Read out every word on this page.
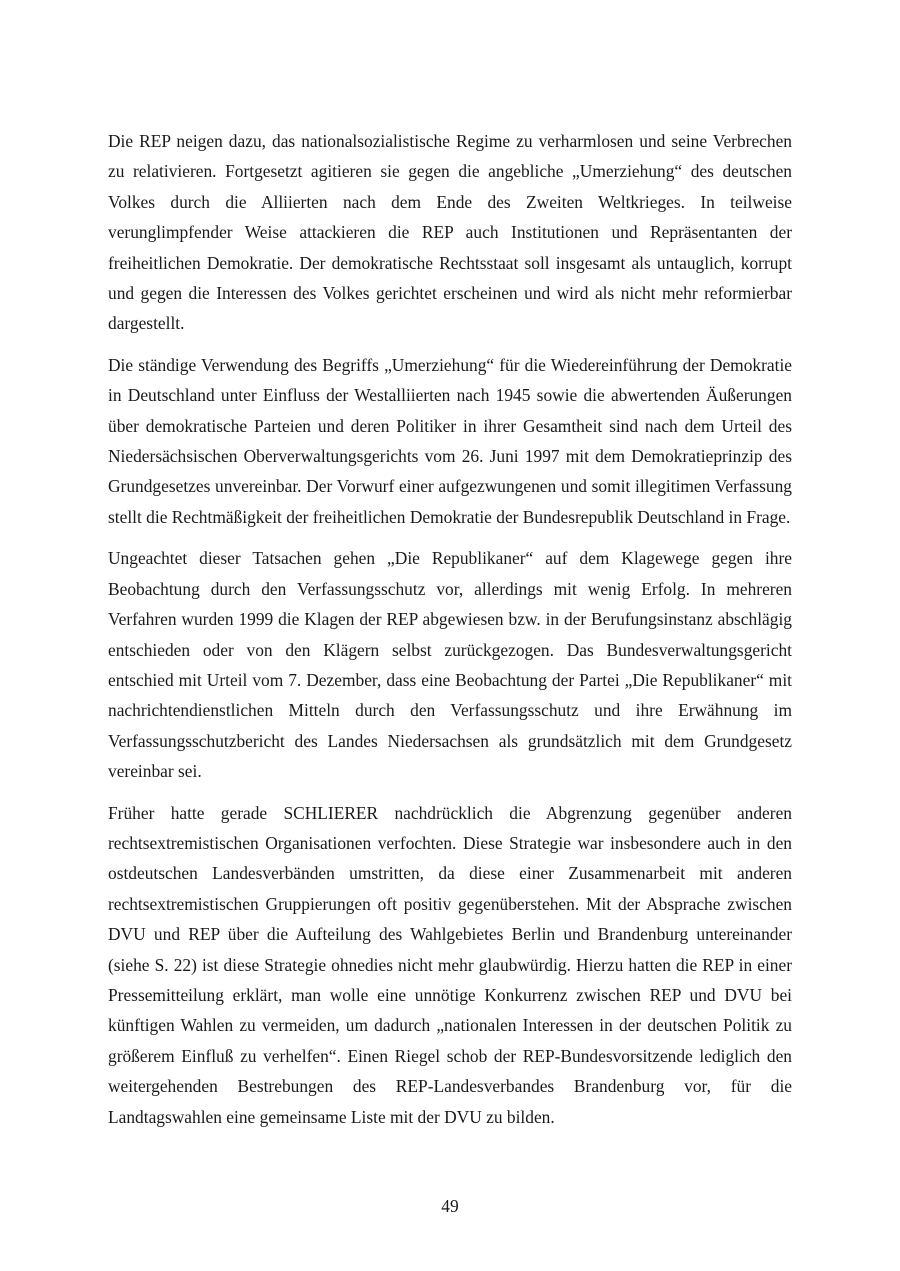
Die REP neigen dazu, das nationalsozialistische Regime zu verharmlosen und seine Verbrechen zu relativieren. Fortgesetzt agitieren sie gegen die angebliche „Umerziehung“ des deutschen Volkes durch die Alliierten nach dem Ende des Zweiten Weltkrieges. In teilweise verunglimpfender Weise attackieren die REP auch Institutionen und Repräsentanten der freiheitlichen Demokratie. Der demokratische Rechtsstaat soll insgesamt als untauglich, korrupt und gegen die Interessen des Volkes gerichtet erscheinen und wird als nicht mehr reformierbar dargestellt.

Die ständige Verwendung des Begriffs „Umerziehung“ für die Wiedereinführung der Demokratie in Deutschland unter Einfluss der Westalliierten nach 1945 sowie die abwertenden Äußerungen über demokratische Parteien und deren Politiker in ihrer Gesamtheit sind nach dem Urteil des Niedersächsischen Oberverwaltungsgerichts vom 26. Juni 1997 mit dem Demokratieprinzip des Grundgesetzes unvereinbar. Der Vorwurf einer aufgezwungenen und somit illegitimen Verfassung stellt die Rechtmäßigkeit der freiheitlichen Demokratie der Bundesrepublik Deutschland in Frage.

Ungeachtet dieser Tatsachen gehen „Die Republikaner“ auf dem Klagewege gegen ihre Beobachtung durch den Verfassungsschutz vor, allerdings mit wenig Erfolg. In mehreren Verfahren wurden 1999 die Klagen der REP abgewiesen bzw. in der Berufungsinstanz abschlägig entschieden oder von den Klägern selbst zurückgezogen. Das Bundesverwaltungsgericht entschied mit Urteil vom 7. Dezember, dass eine Beobachtung der Partei „Die Republikaner“ mit nachrichtendienstlichen Mitteln durch den Verfassungsschutz und ihre Erwähnung im Verfassungsschutzbericht des Landes Niedersachsen als grundsätzlich mit dem Grundgesetz vereinbar sei.

Früher hatte gerade SCHLIERER nachdrücklich die Abgrenzung gegenüber anderen rechtsextremistischen Organisationen verfochten. Diese Strategie war insbesondere auch in den ostdeutschen Landesverbänden umstritten, da diese einer Zusammenarbeit mit anderen rechtsextremistischen Gruppierungen oft positiv gegenüberstehen. Mit der Absprache zwischen DVU und REP über die Aufteilung des Wahlgebietes Berlin und Brandenburg untereinander (siehe S. 22) ist diese Strategie ohnedies nicht mehr glaubwürdig. Hierzu hatten die REP in einer Pressemitteilung erklärt, man wolle eine unnötige Konkurrenz zwischen REP und DVU bei künftigen Wahlen zu vermeiden, um dadurch „nationalen Interessen in der deutschen Politik zu größerem Einfluß zu verhelfen“. Einen Riegel schob der REP-Bundesvorsitzende lediglich den weitergehenden Bestrebungen des REP-Landesverbandes Brandenburg vor, für die Landtagswahlen eine gemeinsame Liste mit der DVU zu bilden.

49
